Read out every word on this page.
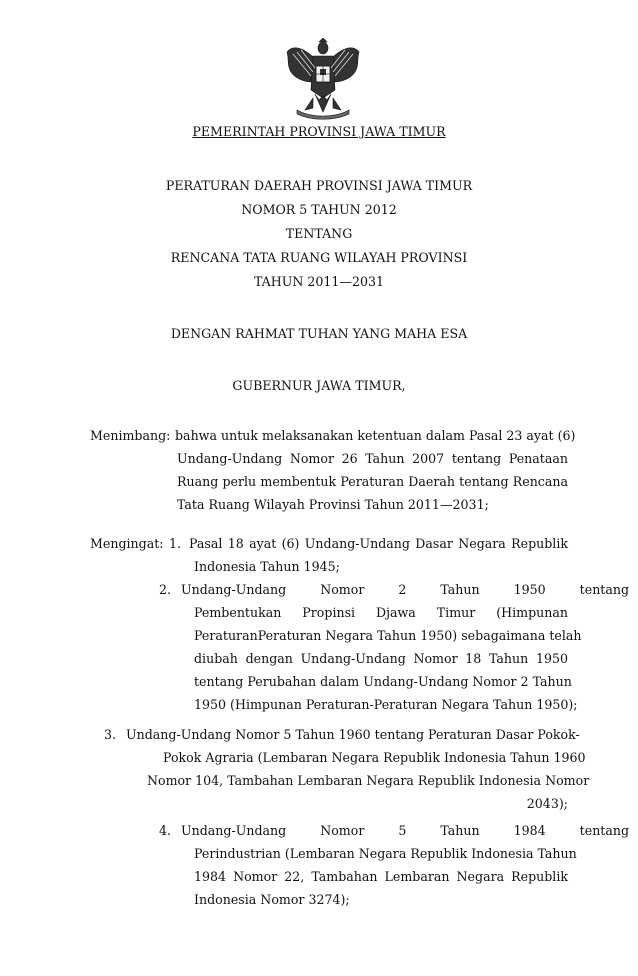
PEMERINTAH PROVINSI JAWA TIMUR
PERATURAN DAERAH PROVINSI JAWA TIMUR
NOMOR 5 TAHUN 2012
TENTANG
RENCANA TATA RUANG WILAYAH PROVINSI
TAHUN 2011—2031
DENGAN RAHMAT TUHAN YANG MAHA ESA
GUBERNUR JAWA TIMUR,
Menimbang: bahwa untuk melaksanakan ketentuan dalam Pasal 23 ayat (6)
Undang-Undang Nomor 26 Tahun 2007 tentang Penataan
Ruang perlu membentuk Peraturan Daerah tentang Rencana
Tata Ruang Wilayah Provinsi Tahun 2011—2031;
Mengingat: 1. Pasal 18 ayat (6) Undang-Undang Dasar Negara Republik
Indonesia Tahun 1945;
2. Undang-Undang Nomor 2 Tahun 1950 tentang
Pembentukan Propinsi Djawa Timur (Himpunan
PeraturanPeraturan Negara Tahun 1950) sebagaimana telah
diubah dengan Undang-Undang Nomor 18 Tahun 1950
tentang Perubahan dalam Undang-Undang Nomor 2 Tahun
1950 (Himpunan Peraturan-Peraturan Negara Tahun 1950);
3. Undang-Undang Nomor 5 Tahun 1960 tentang Peraturan Dasar Pokok-
Pokok Agraria (Lembaran Negara Republik Indonesia Tahun 1960
Nomor 104, Tambahan Lembaran Negara Republik Indonesia Nomor
2043);
4. Undang-Undang Nomor 5 Tahun 1984 tentang
Perindustrian (Lembaran Negara Republik Indonesia Tahun
1984 Nomor 22, Tambahan Lembaran Negara Republik
Indonesia Nomor 3274);
